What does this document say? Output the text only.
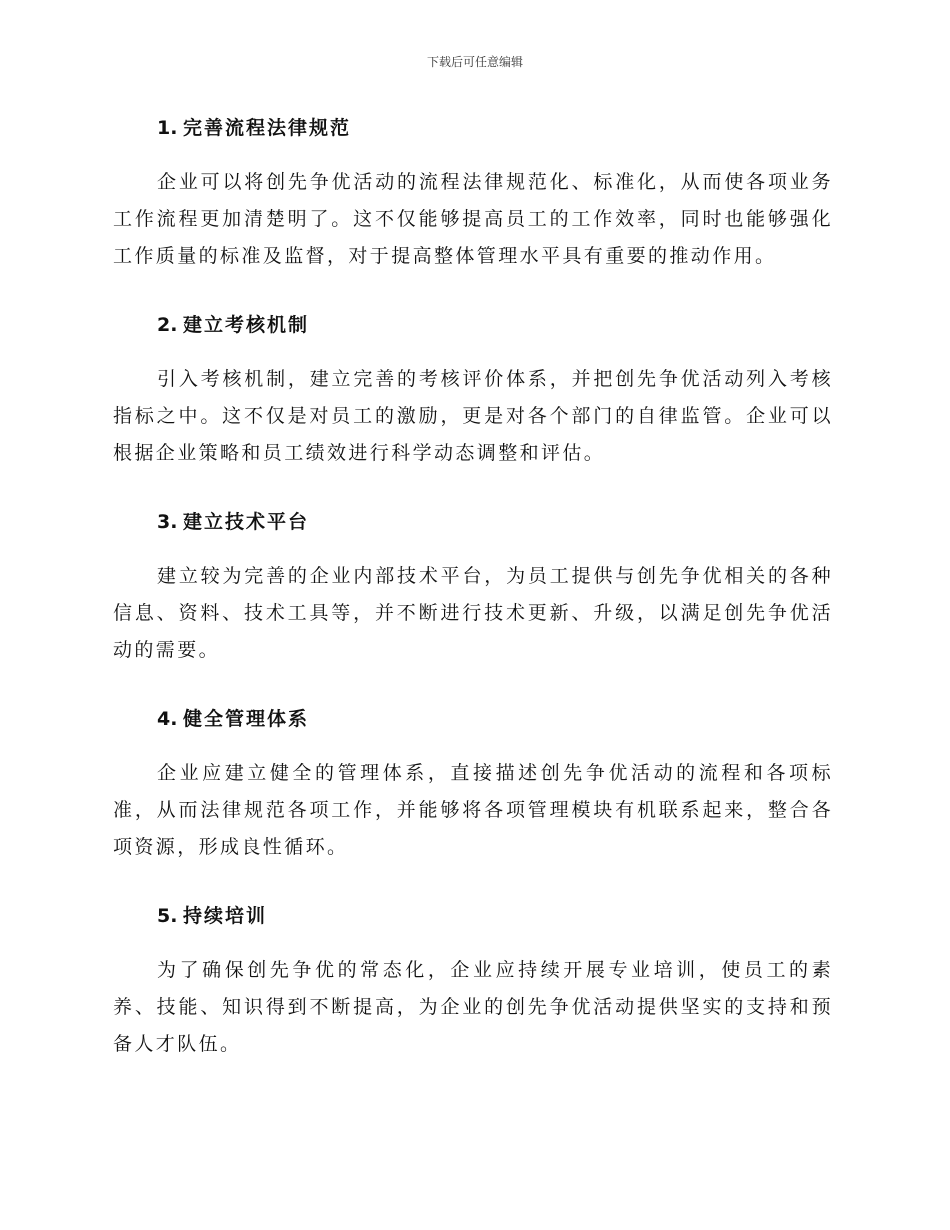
下载后可任意编辑
1. 完善流程法律规范

企业可以将创先争优活动的流程法律规范化、标准化，从而使各项业务工作流程更加清楚明了。这不仅能够提高员工的工作效率，同时也能够强化工作质量的标准及监督，对于提高整体管理水平具有重要的推动作用。

2. 建立考核机制

引入考核机制，建立完善的考核评价体系，并把创先争优活动列入考核指标之中。这不仅是对员工的激励，更是对各个部门的自律监管。企业可以根据企业策略和员工绩效进行科学动态调整和评估。

3. 建立技术平台

建立较为完善的企业内部技术平台，为员工提供与创先争优相关的各种信息、资料、技术工具等，并不断进行技术更新、升级，以满足创先争优活动的需要。

4. 健全管理体系

企业应建立健全的管理体系，直接描述创先争优活动的流程和各项标准，从而法律规范各项工作，并能够将各项管理模块有机联系起来，整合各项资源，形成良性循环。

5. 持续培训

为了确保创先争优的常态化，企业应持续开展专业培训，使员工的素养、技能、知识得到不断提高，为企业的创先争优活动提供坚实的支持和预备人才队伍。
